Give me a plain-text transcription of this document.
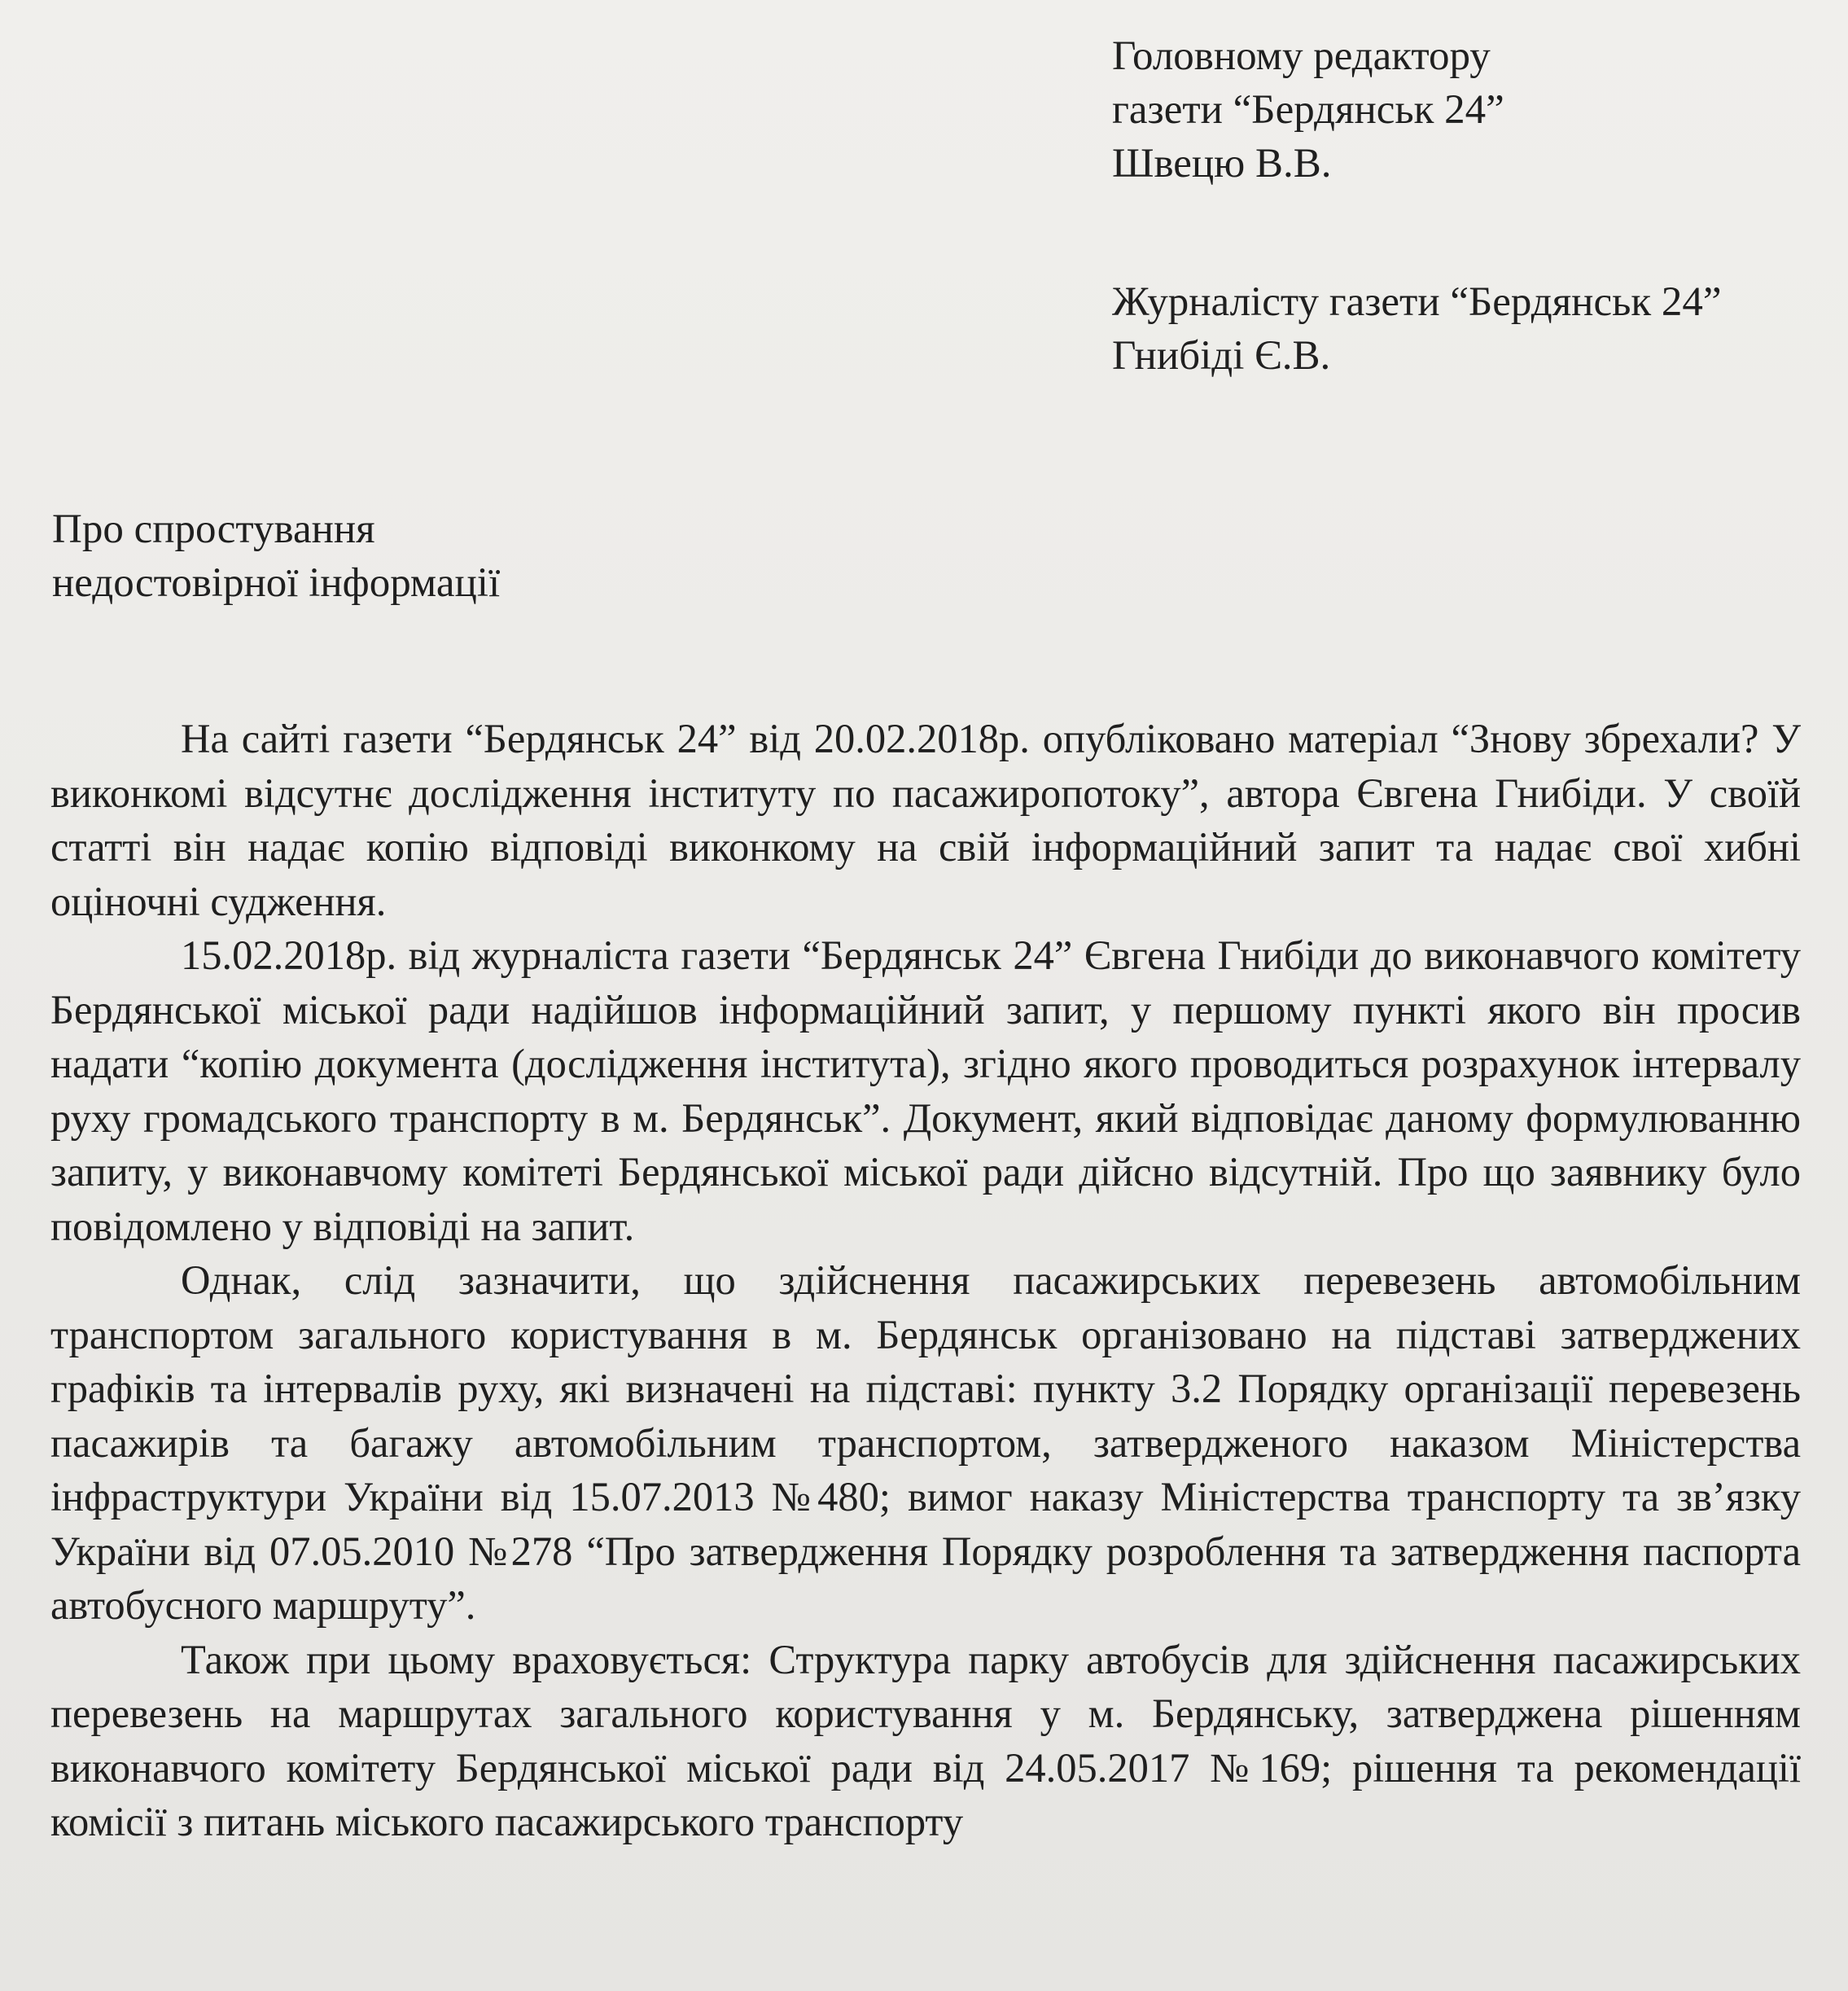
Головному редактору
газети “Бердянськ 24”
Швецю В.В.
Журналісту газети “Бердянськ 24”
Гнибіді Є.В.
Про спростування
недостовірної інформації

На сайті газети “Бердянськ 24” від 20.02.2018р. опубліковано матеріал “Знову збрехали? У виконкомі відсутнє дослідження інституту по пасажиропотоку”, автора Євгена Гнибіди. У своїй статті він надає копію відповіді виконкому на свій інформаційний запит та надає свої хибні оціночні судження.

15.02.2018р. від журналіста газети “Бердянськ 24” Євгена Гнибіди до виконавчого комітету Бердянської міської ради надійшов інформаційний запит, у першому пункті якого він просив надати “копію документа (дослідження інститута), згідно якого проводиться розрахунок інтервалу руху громадського транспорту в м. Бердянськ”. Документ, який відповідає даному формулюванню запиту, у виконавчому комітеті Бердянської міської ради дійсно відсутній. Про що заявнику було повідомлено у відповіді на запит.

Однак, слід зазначити, що здійснення пасажирських перевезень автомобільним транспортом загального користування в м. Бердянськ організовано на підставі затверджених графіків та інтервалів руху, які визначені на підставі: пункту 3.2 Порядку організації перевезень пасажирів та багажу автомобільним транспортом, затвердженого наказом Міністерства інфраструктури України від 15.07.2013 №480; вимог наказу Міністерства транспорту та зв’язку України від 07.05.2010 №278 “Про затвердження Порядку розроблення та затвердження паспорта автобусного маршруту”.

Також при цьому враховується: Структура парку автобусів для здійснення пасажирських перевезень на маршрутах загального користування у м. Бердянську, затверджена рішенням виконавчого комітету Бердянської міської ради від 24.05.2017 №169; рішення та рекомендації комісії з питань міського пасажирського транспорту
